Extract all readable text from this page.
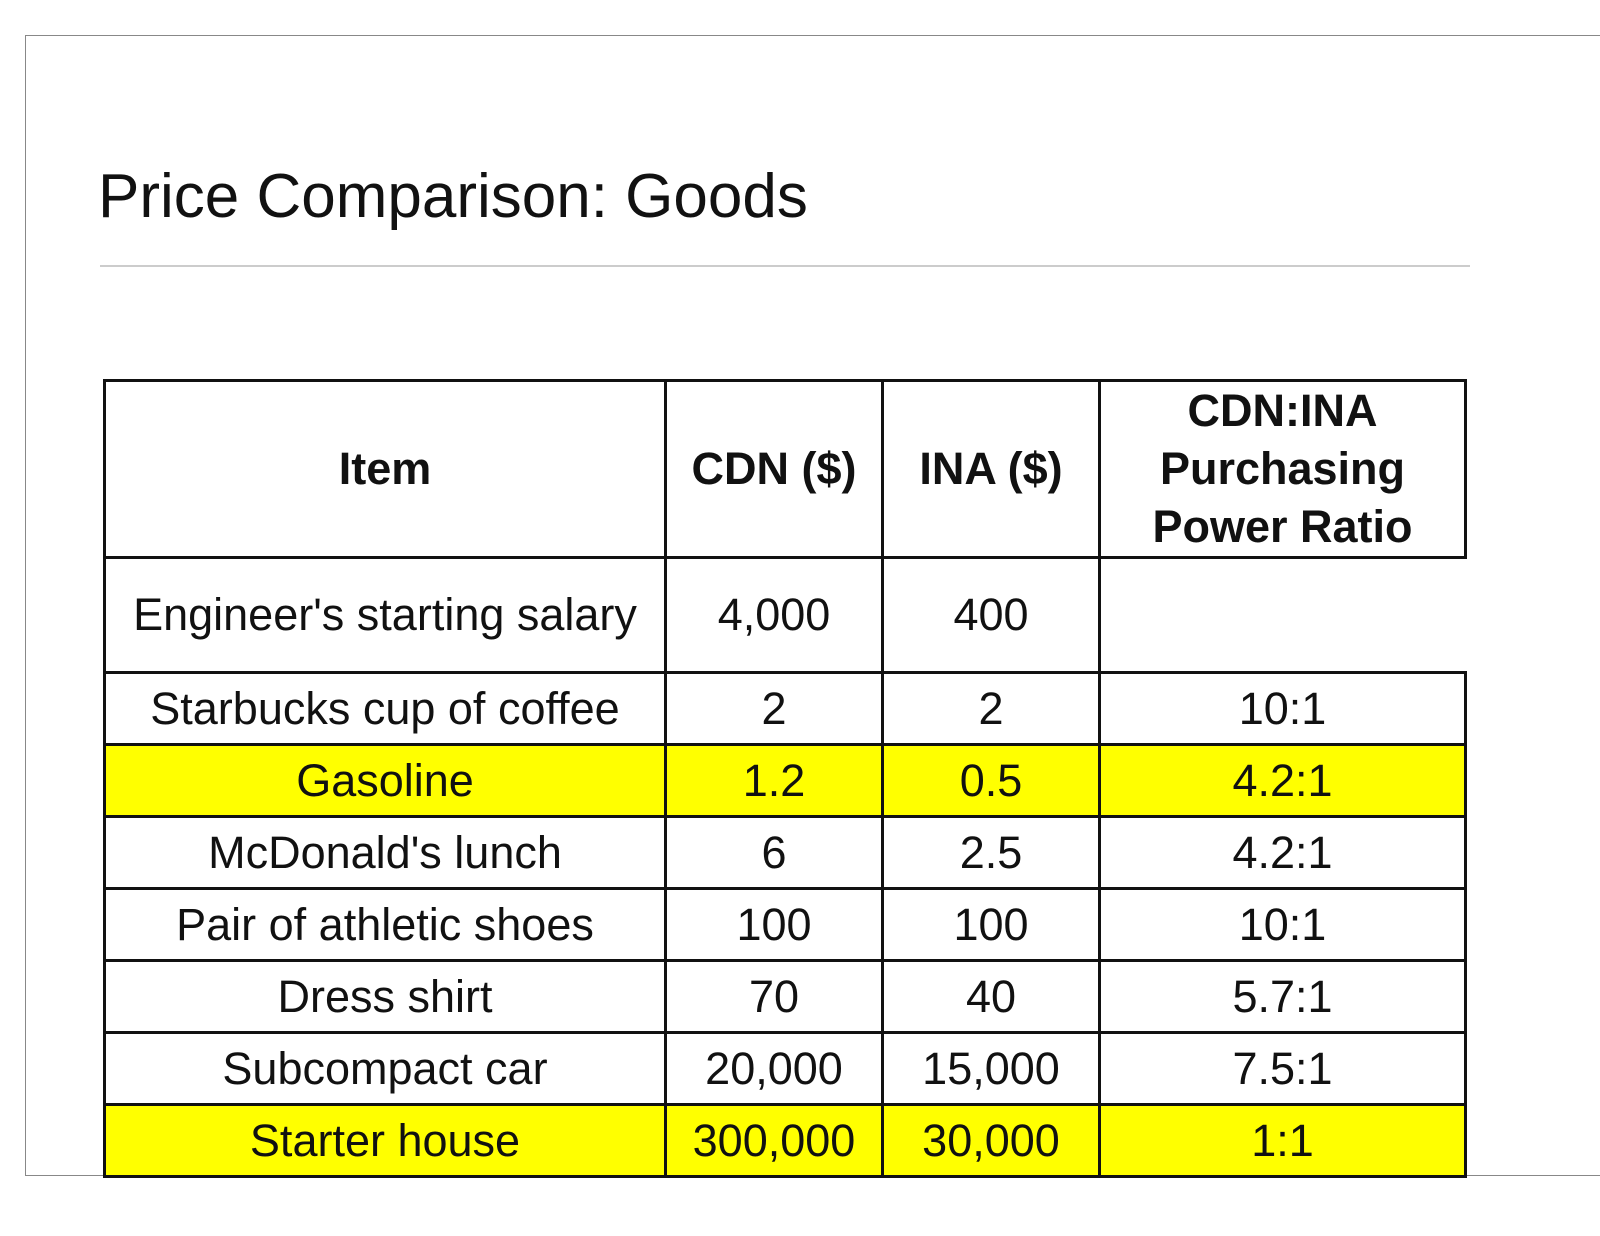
Price Comparison: Goods
Item	CDN ($)	INA ($)	CDN:INA
Purchasing
Power Ratio

Engineer's starting salary	4,000	400	
Starbucks cup of coffee	2	2	10:1
Gasoline	1.2	0.5	4.2:1
McDonald's lunch	6	2.5	4.2:1
Pair of athletic shoes	100	100	10:1
Dress shirt	70	40	5.7:1
Subcompact car	20,000	15,000	7.5:1
Starter house	300,000	30,000	1:1
